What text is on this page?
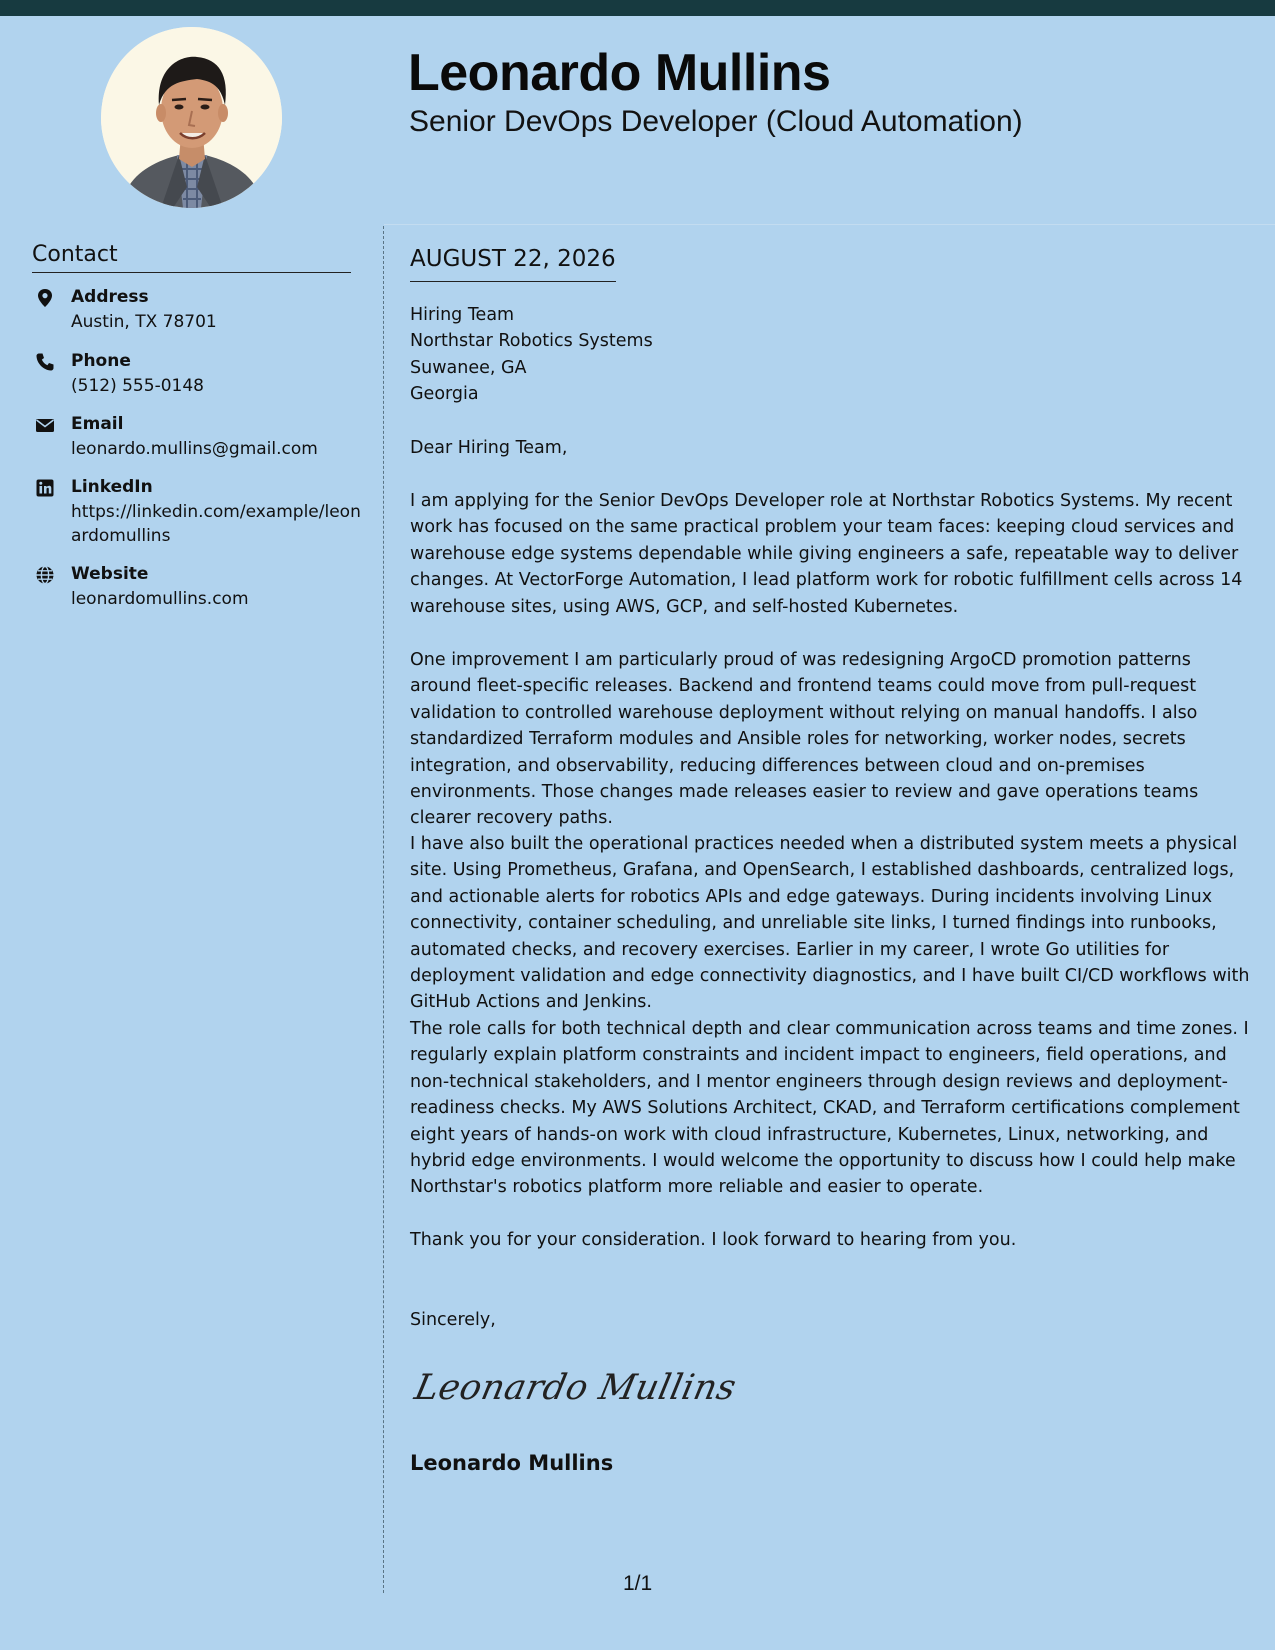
Leonardo Mullins
Senior DevOps Developer (Cloud Automation)
Contact
Address
Austin, TX 78701
Phone
(512) 555-0148
Email
leonardo.mullins@gmail.com
LinkedIn
https://linkedin.com/example/leonardomullins
Website
leonardomullins.com
AUGUST 22, 2026
Hiring Team
Northstar Robotics Systems
Suwanee, GA
Georgia
Dear Hiring Team,
I am applying for the Senior DevOps Developer role at Northstar Robotics Systems. My recent work has focused on the same practical problem your team faces: keeping cloud services and warehouse edge systems dependable while giving engineers a safe, repeatable way to deliver changes. At VectorForge Automation, I lead platform work for robotic fulfillment cells across 14 warehouse sites, using AWS, GCP, and self-hosted Kubernetes.
One improvement I am particularly proud of was redesigning ArgoCD promotion patterns around fleet-specific releases. Backend and frontend teams could move from pull-request validation to controlled warehouse deployment without relying on manual handoffs. I also standardized Terraform modules and Ansible roles for networking, worker nodes, secrets integration, and observability, reducing differences between cloud and on-premises environments. Those changes made releases easier to review and gave operations teams clearer recovery paths.
I have also built the operational practices needed when a distributed system meets a physical site. Using Prometheus, Grafana, and OpenSearch, I established dashboards, centralized logs, and actionable alerts for robotics APIs and edge gateways. During incidents involving Linux connectivity, container scheduling, and unreliable site links, I turned findings into runbooks, automated checks, and recovery exercises. Earlier in my career, I wrote Go utilities for deployment validation and edge connectivity diagnostics, and I have built CI/CD workflows with GitHub Actions and Jenkins.
The role calls for both technical depth and clear communication across teams and time zones. I regularly explain platform constraints and incident impact to engineers, field operations, and non-technical stakeholders, and I mentor engineers through design reviews and deployment-readiness checks. My AWS Solutions Architect, CKAD, and Terraform certifications complement eight years of hands-on work with cloud infrastructure, Kubernetes, Linux, networking, and hybrid edge environments. I would welcome the opportunity to discuss how I could help make Northstar's robotics platform more reliable and easier to operate.
Thank you for your consideration. I look forward to hearing from you.
Sincerely,
Leonardo Mullins
Leonardo Mullins
1/1
